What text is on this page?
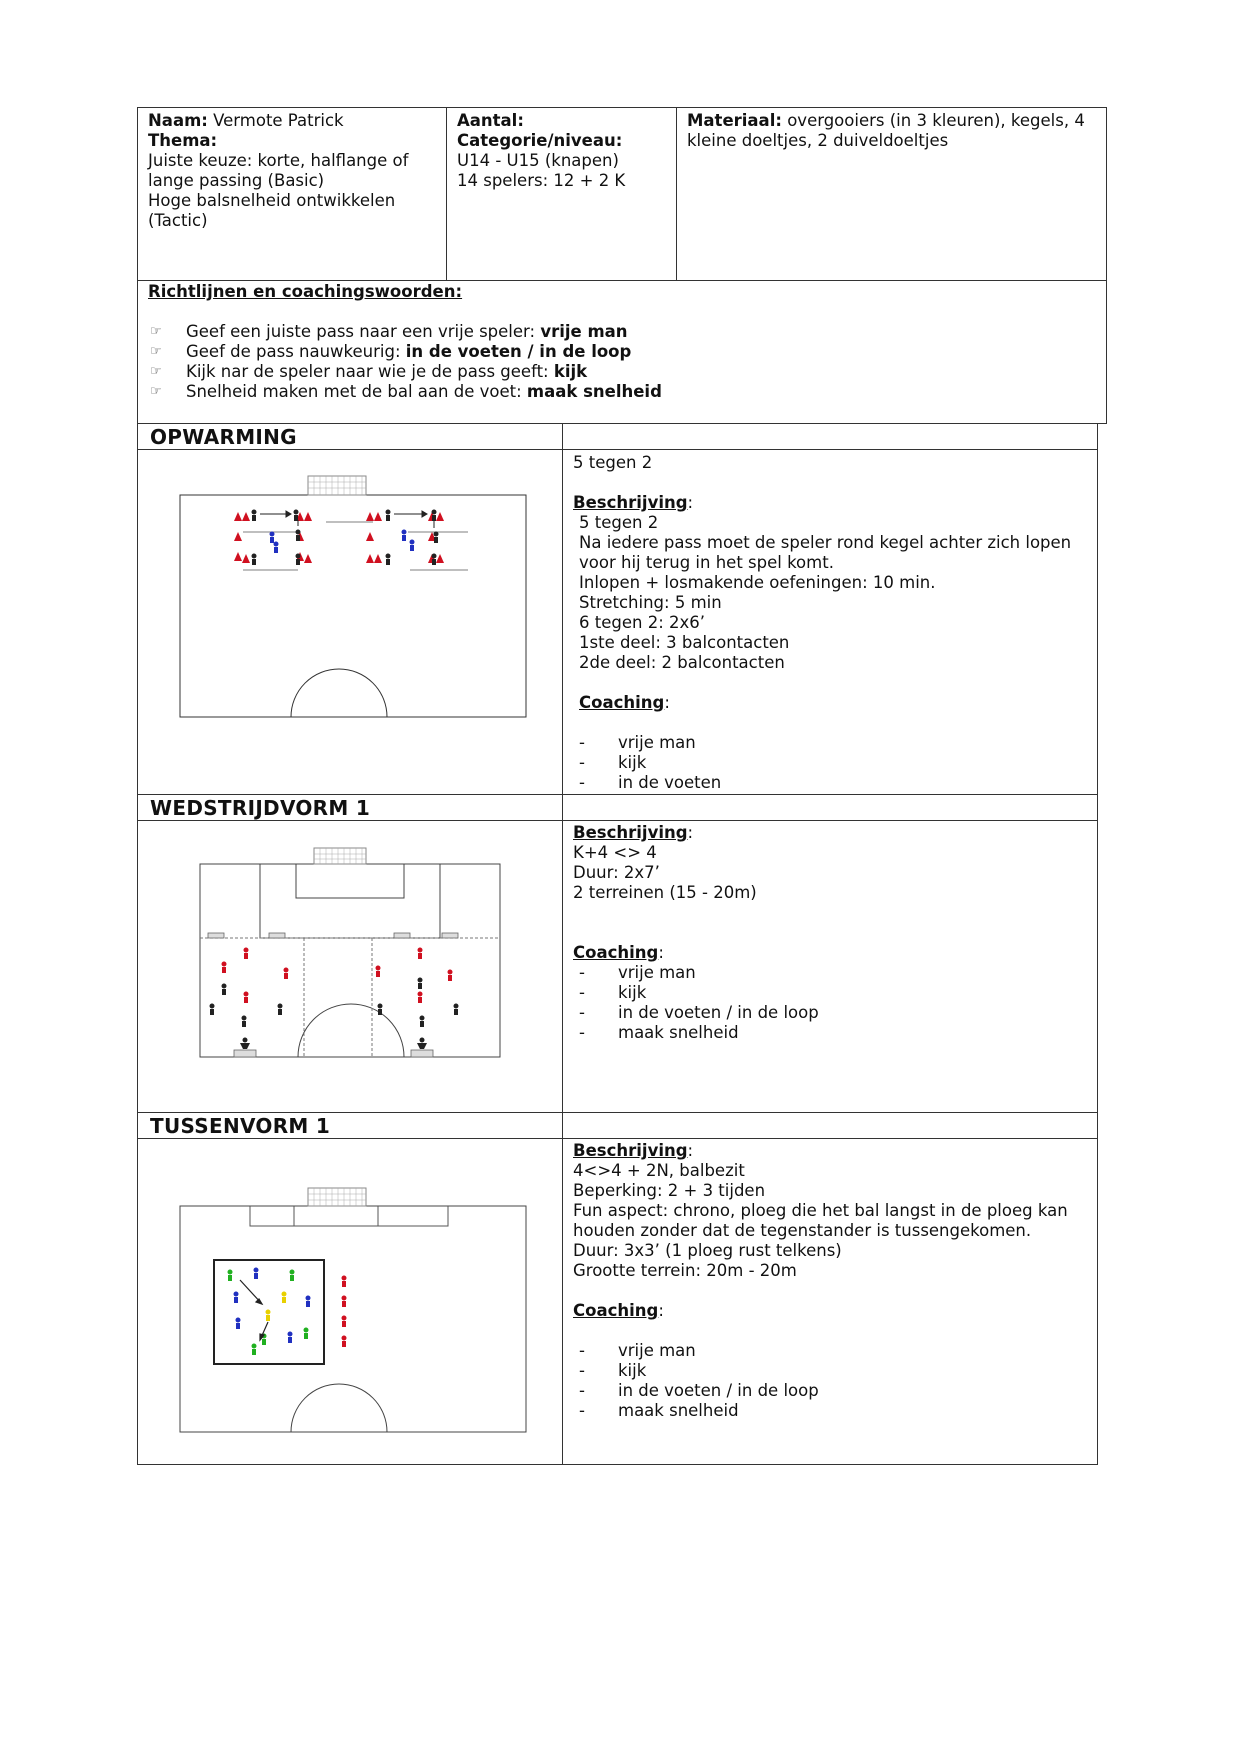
Naam: Vermote Patrick
Thema:
Juiste keuze: korte, halflange of
lange passing (Basic)
Hoge balsnelheid ontwikkelen
(Tactic)
Aantal:
Categorie/niveau:
U14 - U15 (knapen)
14 spelers: 12 + 2 K
Materiaal: overgooiers (in 3 kleuren), kegels, 4
kleine doeltjes, 2 duiveldoeltjes
Richtlijnen en coachingswoorden:
☞ Geef een juiste pass naar een vrije speler: vrije man
☞ Geef de pass nauwkeurig: in de voeten / in de loop
☞ Kijk nar de speler naar wie je de pass geeft: kijk
☞ Snelheid maken met de bal aan de voet: maak snelheid
OPWARMING
5 tegen 2

Beschrijving:
5 tegen 2
Na iedere pass moet de speler rond kegel achter zich lopen
voor hij terug in het spel komt.
Inlopen + losmakende oefeningen: 10 min.
Stretching: 5 min
6 tegen 2: 2x6’
1ste deel: 3 balcontacten
2de deel: 2 balcontacten

Coaching:

- vrije man
- kijk
- in de voeten
WEDSTRIJDVORM 1
Beschrijving:
K+4 <> 4
Duur: 2x7’
2 terreinen (15 - 20m)

Coaching:
- vrije man
- kijk
- in de voeten / in de loop
- maak snelheid
TUSSENVORM 1
Beschrijving:
4<>4 + 2N, balbezit
Beperking: 2 + 3 tijden
Fun aspect: chrono, ploeg die het bal langst in de ploeg kan
houden zonder dat de tegenstander is tussengekomen.
Duur: 3x3’ (1 ploeg rust telkens)
Grootte terrein: 20m - 20m

Coaching:

- vrije man
- kijk
- in de voeten / in de loop
- maak snelheid
